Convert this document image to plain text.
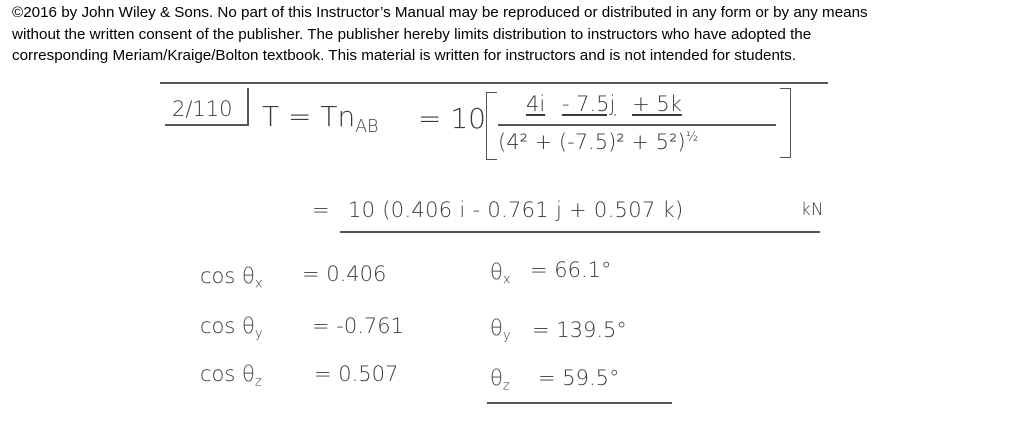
©2016 by John Wiley & Sons. No part of this Instructor’s Manual may be reproduced or distributed in any form or by any means
without the written consent of the publisher. The publisher hereby limits distribution to instructors who have adopted the
corresponding Meriam/Kraige/Bolton textbook. This material is written for instructors and is not intended for students.
2/110 $T = Tn_{AB} = 10$ 4i - 7.5j + 5k
$(4^2 + (-7.5)^2 + 5^2)^{\frac{1}{2}}$
= 10 (0.406 i - 0.761 j + 0.507 k)	kN
$\cos \theta_x = 0.406$	$\theta_x = 66.1^\circ$
$\cos \theta_y = -0.761$	$\theta_y = 139.5^\circ$
$\cos \theta_z = 0.507$	$\theta_z = 59.5^\circ$
